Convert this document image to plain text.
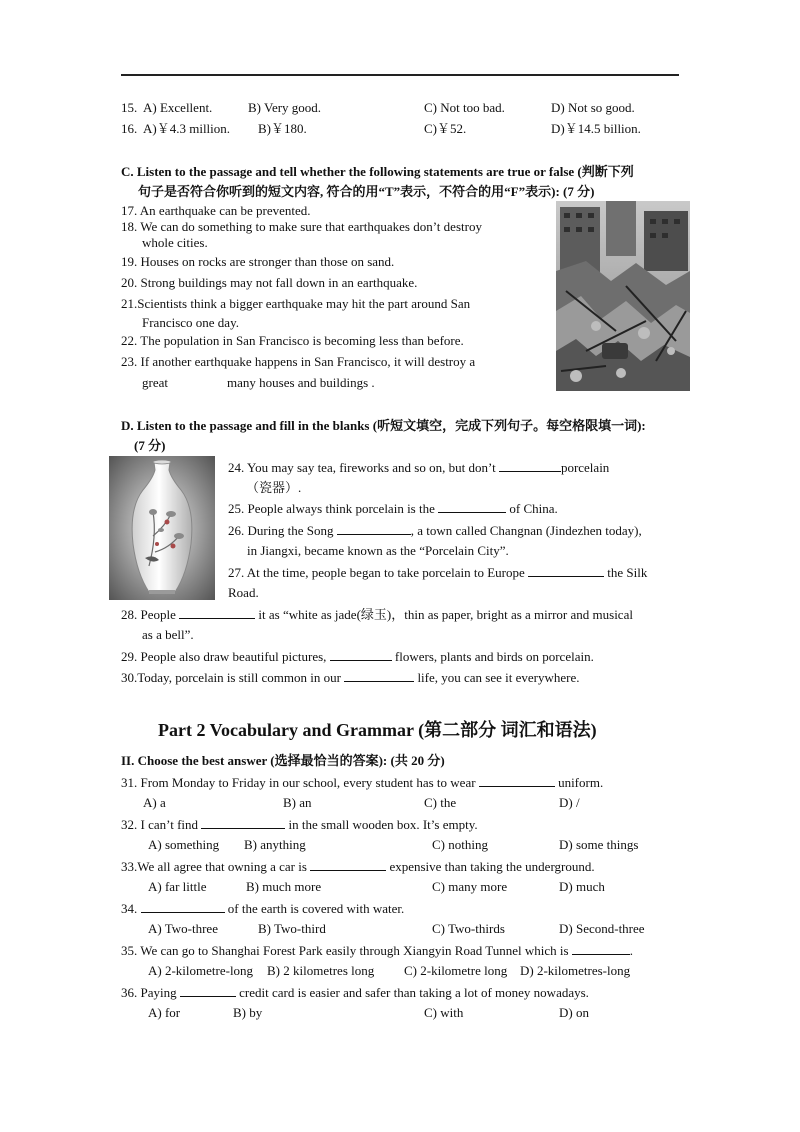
15. A) Excellent.	B) Very good.	C) Not too bad.	D) Not so good.
16. A)￥4.3 million. B)￥180.	C)￥52.	D)￥14.5 billion.
C. Listen to the passage and tell whether the following statements are true or false (判断下列
句子是否符合你听到的短文内容, 符合的用“T”表示，不符合的用“F”表示): (7 分)
17. An earthquake can be prevented.
18. We can do something to make sure that earthquakes don’t destroy
whole cities.
19. Houses on rocks are stronger than those on sand.
20. Strong buildings may not fall down in an earthquake.
21.Scientists think a bigger earthquake may hit the part around San
Francisco one day.
22. The population in San Francisco is becoming less than before.
23. If another earthquake happens in San Francisco, it will destroy a
great	many houses and buildings .
D. Listen to the passage and fill in the blanks (听短文填空，完成下列句子。每空格限填一词):
(7 分)
24. You may say tea, fireworks and so on, but don’t	porcelain
（瓷器）.
25. People always think porcelain is the	of China.
26. During the Song	, a town called Changnan (Jindezhen today),
in Jiangxi, became known as the “Porcelain City”.
27. At the time, people began to take porcelain to Europe	the Silk
Road.
28. People	it as “white as jade(绿玉)，thin as paper, bright as a mirror and musical
as a bell”.
29. People also draw beautiful pictures,	flowers, plants and birds on porcelain.
30.Today, porcelain is still common in our	life, you can see it everywhere.
Part 2 Vocabulary and Grammar (第二部分 词汇和语法)
II. Choose the best answer (选择最恰当的答案): (共 20 分)
31. From Monday to Friday in our school, every student has to wear	uniform.
A) a	B) an	C) the	D) /
32. I can’t find	in the small wooden box. It’s empty.
A) something B) anything	C) nothing	D) some things
33.We all agree that owning a car is	expensive than taking the underground.
A) far little	B) much more	C) many more	D) much
34.	of the earth is covered with water.
A) Two-three	B) Two-third	C) Two-thirds	D) Second-three
35. We can go to Shanghai Forest Park easily through Xiangyin Road Tunnel which is	.
A) 2-kilometre-long B) 2 kilometres long C) 2-kilometre long D) 2-kilometres-long
36. Paying	credit card is easier and safer than taking a lot of money nowadays.
A) for	B) by	C) with	D) on
